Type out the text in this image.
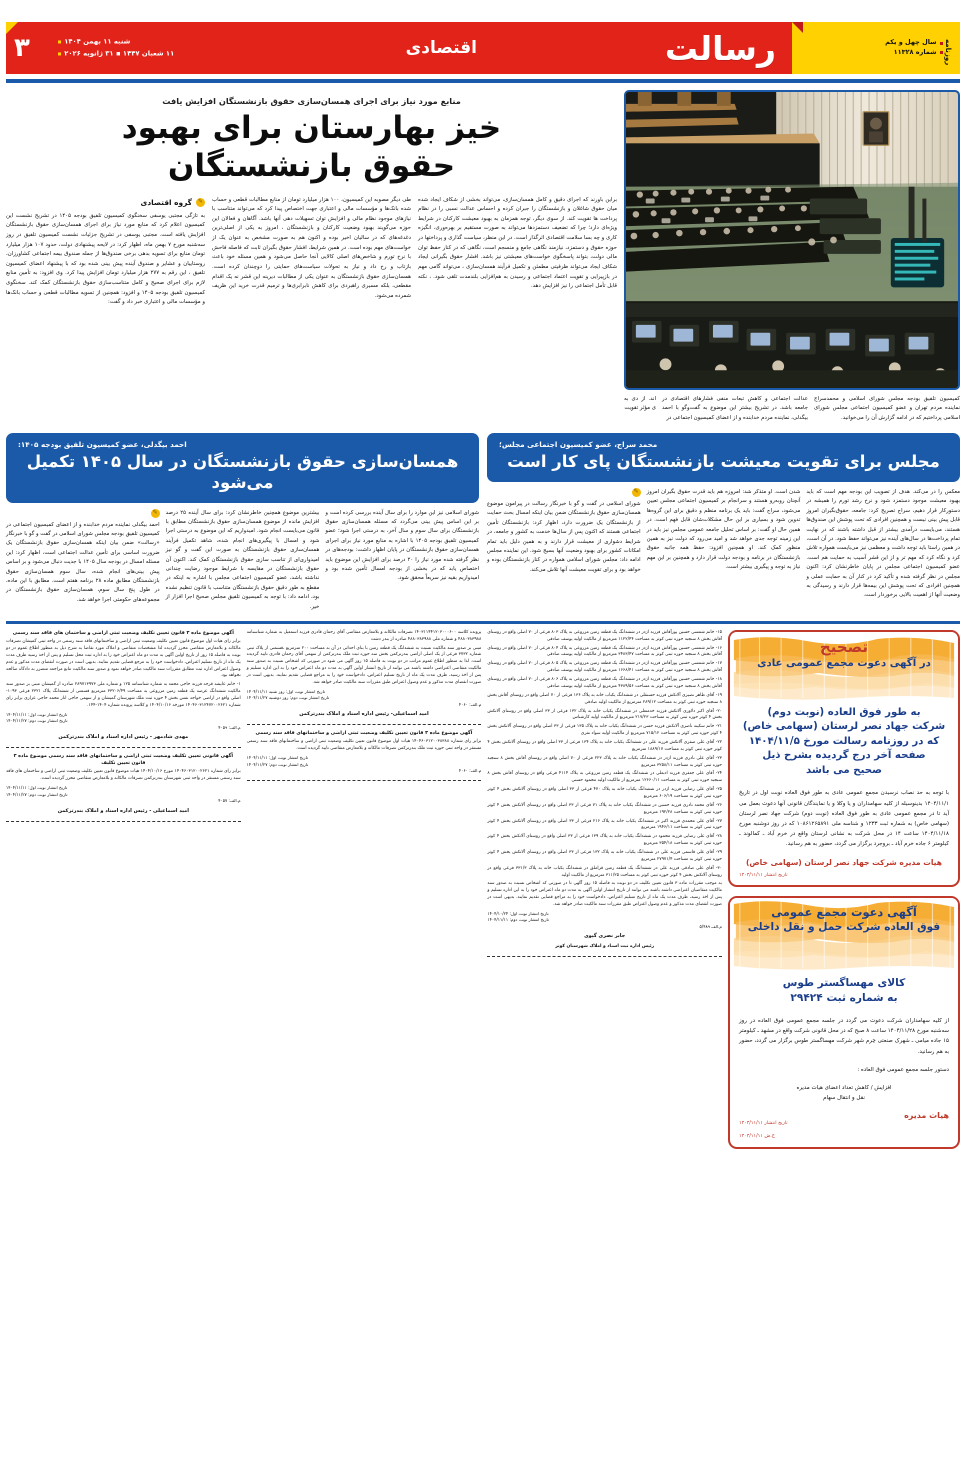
روزنامه
سال چهل و یکم
شماره ۱۱۳۲۸
رسالت
اقتصادی
شنبه ۱۱ بهمن ۱۴۰۴
۱۱ شعبان ۱۴۴۷ ▪ ۳۱ ژانویه ۲۰۲۶
۳
کمیسیون تلفیق بودجه مجلس شورای اسلامی و محمدسراج نماینده مردم تهران و عضو کمیسیون اجتماعی مجلس شورای اسلامی پرداختیم که در ادامه گزارش آن را می‌خوانید.
عدالت اجتماعی و کاهش تبعات منفی فشارهای اقتصادی در جامعه باشد. در تشریح بیشتر این موضوع به گفت‌وگو با احمد بیگدلی، نماینده مردم خدابنده و از اعضای کمیسیون اجتماعی در
اند. از دی به ی مؤثر تقویت
منابع مورد نیاز برای اجرای همسان‌سازی حقوق بازنشستگان افزایش یافت
خیز بهارستان برای بهبود
حقوق بازنشستگان
براین باورند که اجرای دقیق و کامل همسان‌سازی، می‌تواند بخشی از شکاف ایجاد شده میان حقوق شاغلان و بازنشستگان را جبران کرده و احساس عدالت نسبی را در نظام پرداخت ها تقویت کند. از سوی دیگر، توجه همزمان به بهبود معیشت کارکنان در شرایط ویژه‌ای دارد؛ چرا که تضعیف دستمزدها می‌تواند به صورت مستقیم بر بهره‌وری، انگیزه کاری و چه بسا سلامت اقتصادی اثرگذار است. در این منظر، سیاست گذاری و پرداختها در حوزه حقوق و دستمزد، نیازمند نگاهی جامع و منسجم است، نگاهی که در کنار حفظ توان مالی دولت، بتواند پاسخگوی خواست‌های معیشتی نیز باشد. افشار حقوق بگیرانی ایجاد شکاف ایجاد می‌تواند ظرفیتی مطمئن و تکمیل فرآیند همسان‌سازی ، می‌تواند گامی مهم در بازپیرایی و تقویت اعتماد اجتماعی و رسیدن به هم‌افزایی بلندمدت تلقی شود. ، نکته قابل تأمل اجتماعی را نیز افزایش دهد.
طی دیگر مصوبه این کمیسیون، ۱۰۰ هزار میلیارد تومان از منابع مطالبات قطعی و حساب شده بانک‌ها و مؤسسات مالی و اعتباری جهت اختصاص پیدا کرد که می‌تواند متناسب با نیازهای موجود نظام مالی و افزایش توان تسهیلات دهی آنها باشد. آگاهان و فعالان این حوزه می‌گویند بهبود وضعیت کارکنان و بازنشستگان ، امروز به یکی از اصلی‌ترین دغدغه‌های که در سالیان اخیر بوده و اکنون هم به صورت مشخص به عنوان یک از خواست‌های مهم بوده است. در همین شرایط، افشار حقوق بگیران ثابت که فاصله فاحش با نرخ تورم و شاخص‌های اصلی کالایی آنجا حاصل می‌شود و همین مسئله خود باعث بازتاب و رخ داد و نیاز به تحولات سیاست‌های حمایتی را دوچندان کرده است. همسان‌سازی حقوق بازنشستگان به عنوان یکی از مطالبات دیرینه این قشر نه یک اقدام مقطعی، بلکه مسیری راهبردی برای کاهش نابرابری‌ها و ترمیم قدرت خرید این ظریف شمرده می‌شود.
✎
گروه اقتصادی
به تازگی مجتبی یوسفی سخنگوی کمیسیون تلفیق بودجه ۱۴۰۵ در تشریح نشست این کمیسیون اعلام کرد که منابع مورد نیاز برای اجرای همسان‌سازی حقوق بازنشستگان افزایش یافته است. مجتبی یوسفی در تشریح جزئیات نشست کمیسیون تلفیق در روز سه‌شنبه مورخ ۷ بهمن ماه، اظهار کرد: در لایحه پیشنهادی دولت، حدود ۱۰۷ هزار میلیارد تومان منابع برای تسویه بدهی برخی صندوق‌ها از جمله صندوق بیمه اجتماعی کشاورزان، روستاییان و عشایر و صندوق آینده پیش بینی شده بود که با پیشنهاد اعضای کمیسیون تلفیق ، این رقم به ۲۷۷ هزار میلیارد تومان افزایش پیدا کرد. وی افزود: به تأمین منابع لازم برای اجرای صحیح و کامل متناسب‌سازی حقوق بازنشستگان کمک کند. سخنگوی کمیسیون تلفیق بودجه ۱۴۰۵ و افزود: همچنین از تسویه مطالبات قطعی و حساب بانک‌ها و مؤسسات مالی و اعتباری خبر داد و گفت:
محمد سراج، عضو کمیسیون اجتماعی مجلس؛
مجلس برای تقویت معیشت بازنشستگان پای کار است
معکس را در می‌کند. هدف از تصویب این بودجه مهم است که باید بهبود معیشت موجود دستمزد شود و نرخ رشد تورم را همیشه در دستورکار قرار دهیم، سراج تصریح کرد: جامعه، حقوق‌بگیران امروز قابل پیش بینی نیست و همچنین افرادی که تحت پوشش این صندوق‌ها هستند، می‌بایست درآمدی بیشتر از قبل داشته باشند که در نهایت تمام پرداخت‌ها در سال‌های آینده نیز می‌تواند حفظ شود. در آن است، در همین راستا باید توجه داشت و معظمی نیز می‌بایست همواره تلاش کرد و نگاه کرد که مهم تر و از این قشر آسیب به حمایت هم است. عضو کمیسیون اجتماعی مجلس در پایان خاطرنشان کرد: اکنون مجلس در نظر گرفته شده و تأکید کرد در کنار آن به حمایت عملی و همچنین افرادی که تحت پوشش این بیمه‌ها قرار دارند و رسیدگی به وضعیت آنها از اهمیت بالایی برخوردار است.
شدن است. او متذکر شد: امروزه هم باید قدرت حقوق بگیران امروز آنچنان روبه‌رو هستند و سرانجام بر کمیسیون اجتماعی مجلس تعیین می‌شود، سراج گفت: باید یک برنامه منظم و دقیق برای این گروه‌ها تدوین شود و بسیاری بر این حال مشکلات‌شان قابل فهم است. در همین حال او گفت: بر اساس تحلیل جامعه عمومی مجلس نیز باید در این زمینه توجه جدی خواهد شد و امید می‌رود که دولت نیز به همین منظور کمک کند. او همچنین افزود: حفظ همه جانبه حقوق بازنشستگان در برنامه و بودجه دولت قرار دارد و همچنین بر این مهم نیاز به توجه و پیگیری بیشتر است.
✎
شورای اسلامی در گفت و گو با خبرنگار رسالت در پیرامون موضوع همسان‌سازی حقوق بازنشستگان ضمن بیان اینکه امسال بحث حمایت از بازنشستگان یک ضرورت دارد، اظهار کرد: بازنشستگان تأمین اجتماعی هستند که اکنون پس از سال‌ها خدمت به کشور و جامعه، در شرایط دشواری از معیشت قرار دارند و به همین دلیل باید تمام امکانات کشور برای بهبود وضعیت آنها بسیج شود. این نماینده مجلس ادامه داد: مجلس شورای اسلامی همواره در کنار بازنشستگان بوده و خواهد بود و برای تقویت معیشت آنها تلاش می‌کند.
احمد بیگدلی، عضو کمیسیون تلفیق بودجه ۱۴۰۵:
همسان‌سازی حقوق بازنشستگان در سال ۱۴۰۵ تکمیل می‌شود
شورای اسلامی نیز این موارد را برای سال آینده بررسی کرده است و بر این اساس پیش بینی می‌گردد که مسئله همسان‌سازی حقوق بازنشستگان برای سال سوم و سال آخر، به درستی اجرا شود؛ عضو کمیسیون تلفیق بودجه ۱۴۰۵ با اشاره به منابع مورد نیاز برای اجرای همسان‌سازی حقوق بازنشستگان در پایان اظهار داشت: بودجه‌های در نظر گرفته شده مورد نیاز را ۲۰ درصد برای افزایش این موضوع باید اختصاص یابد که در بخشی از بودجه امسال تأمین شده بود و امیدواریم بقیه نیز سریعاً محقق شود.
بیشترین موضوع همچنین خاطرنشان کرد: برای سال آینده ۲۵ درصد افزایش مانده از موضوع همسان‌سازی حقوق بازنشستگان مطابق با قانون می‌بایست انجام شود. امیدواریم که این موضوع به درستی اجرا شود و امسال با پیگیری‌های انجام شده، شاهد تکمیل فرآیند همسان‌سازی حقوق بازنشستگان به صورت این گفت و گو نیز امیدواری‌ای از تناسب سازی حقوق بازنشستگان کمک کند. اکنون آن حقوق بازنشستگان در مقایسه با شرایط موجود رضایت چندانی نداشته باشد، عضو کمیسیون اجتماعی مجلس با اشاره به اینکه در مقطع به طور دقیق حقوق بازنشستگان متناسب با قانون تنظیم نشده بود، ادامه داد: با توجه به کمیسیون تلفیق مجلس صحیح اجرا افزار از خیر.
✎
احمد بیگدلی نماینده مردم خدابنده و از اعضای کمیسیون اجتماعی در کمیسیون تلفیق بودجه مجلس شورای اسلامی در گفت و گو با خبرنگار «رسالت» ضمن بیان اینکه همسان‌سازی حقوق بازنشستگان یک ضرورت اساسی برای تأمین عدالت اجتماعی است، اظهار کرد: این مسئله امسال در بودجه سال ۱۴۰۵ با جدیت دنبال می‌شود و بر اساس پیش بینی‌های انجام شده، سال سوم همسان‌سازی حقوق بازنشستگان مطابق ماده ۲۸ برنامه هفتم است. مطابق با این ماده، در طول پنج سال سوم، همسان‌سازی حقوق بازنشستگان در مجموعه‌های حکومتی اجرا خواهد شد.
تصحیح
در آگهی دعوت مجمع عمومی عادی
به طور فوق العاده (نوبت دوم)
شرکت جهاد نصر لرستان (سهامی خاص)
که در روزنامه رسالت مورخ ۱۴۰۴/۱۱/۵
صفحه آخر درج گردیده بشرح ذیل
صحیح می باشد
با توجه به حد نصاب نرسیدن مجمع عمومی عادی به طور فوق العاده نوبت اول در تاریخ ۱۴۰۴/۱۱/۱ بدینوسیله از کلیه سهامداران و یا وکلا و یا نمایندگان قانونی آنها دعوت بعمل می آید تا در مجمع عمومی عادی به طور فوق العاده (نوبت دوم) شرکت جهاد نصر لرستان (سهامی خاص) به شماره ثبت ۱۲۳۳ و شناسه ملی ۱۰۸۶۱۲۶۵۸۹۱ که در روز دوشنبه مورخ ۱۴۰۴/۱۱/۱۸ ساعت ۱۴ در محل شرکت به نشانی لرستان واقع در خرم آباد ـ کمالوند ـ کیلومتر ۶ جاده خرم آباد ـ بروجرد برگزار می گردد، حضور به هم رسانید.
هیات مدیره شرکت جهاد نصر لرستان (سهامی خاص)
تاریخ انتشار ۱۴۰۴/۱۱/۱۱
آگهی دعوت مجمع عمومی
فوق العاده شرکت حمل و نقل داخلی
کالای مهساگستر طوس
به شماره ثبت ۲۹۴۲۴
از کلیه سهامداران شرکت دعوت می گردد در جلسه مجمع عمومی فوق العاده در روز سه‌شنبه مورخ ۱۴۰۴/۱۱/۲۸ ساعت ۸ صبح که در محل قانونی شرکت واقع در مشهد ـ کیلومتر ۱۵ جاده میامی ـ شهرک صنعتی چرم شهر شرکت مهساگستر طوس برگزار می گردد، حضور به هم رسانید.
دستور جلسه مجمع عمومی فوق العاده :
افزایش / کاهش تعداد اعضای هیات مدیره
نقل و انتقال سهام
هیات مدیره
تاریخ انتشار ۱۴۰۴/۱۱/۱۱
خ.ش ۱۴۰۴/۱۱/۱۱

۱۵- خانم شمسی حسین پورآقاش فرزند اژدر در ششدانگ یک قطعه زمین مزروعی به پلاک ۸۰۳ فرعی از ۷۰ اصلی واقع در روستای آقاش بخش ۸ سنجبد حوزه ثبتی کوثر به مساحت ۱۱۲۲/۴۴ مترمربع از مالکیت اولیه یوسف صادقی

۱۶- خانم شمسی حسین پورآقاش فرزند اژدر در ششدانگ یک قطعه زمین مزروعی به پلاک ۸۰۴ فرعی از ۷۰ اصلی واقع در روستای آقاش بخش ۸ سنجبد حوزه ثبتی کوثر به مساحت ۳۴۸۳/۴۷ مترمربع از مالکیت اولیه یوسف صادقی

۱۷- خانم شمسی حسین پورآقاش فرزند اژدر در ششدانگ یک قطعه زمین مزروعی به پلاک ۸۰۵ فرعی از ۷۰ اصلی واقع در روستای آقاش بخش ۸ سنجبد حوزه ثبتی کوثر به مساحت ۱۶۶۸/۴۱ مترمربع از مالکیت اولیه یوسف صادقی

۱۸- خانم شمسی حسین پورآقاش فرزند اژدر در ششدانگ یک قطعه زمین مزروعی به پلاک ۸۰۶ فرعی از ۷۰ اصلی واقع در روستای آقاش بخش ۸ سنجبد حوزه ثبتی کوثر به مساحت ۴۳۸۹/۵۶ مترمربع از مالکیت اولیه یوسف صادقی

۱۹- آقای طاهر نصیری آلاتکش فرزند حسنقلی در ششدانگ یکباب خانه به پلاک ۱۳۶ فرعی از ۷۰ اصلی واقع در روستای آقاش بخش ۸ سنجبد حوزه ثبتی کوثر به مساحت ۲۸۹/۱۲ مترمربع از مالکیت اولیه صادقی

۲۰- آقای اکبر دلاوری آلاتکش فرزند خدمتعلی در ششدانگ یکباب خانه به پلاک ۱۳۲ فرعی از ۳۳ اصلی واقع در روستای آلاتکش بخش ۴ کوثر حوزه ثبتی کوثر به مساحت ۲۱۷/۲۳ مترمربع از مالکیت اولیه کارشناس

۲۱- خانم سکینه ناصری آلاتکش فرزند حسن در ششدانگ یکباب خانه به پلاک ۱۳۵ فرعی از ۳۳ اصلی واقع در روستای آلاتکش بخش ۴ کوثر حوزه ثبتی کوثر به مساحت ۷۱۵/۱۲ مترمربع از مالکیت اولیه سواد نفری

۲۲- آقای علی صفری آلاتکش فرزند علی در ششدانگ یکباب خانه به پلاک ۱۳۴ فرعی از ۳۳ اصلی واقع در روستای آلاتکش بخش ۴ کوثر حوزه ثبتی کوثر به مساحت ۱۸۸۹/۱۷ مترمربع

۲۳- آقای علی نادری فرزند اژدر در ششدانگ یکباب خانه به پلاک ۲۲۳ فرعی از ۷۰ اصلی واقع در روستای آقاش بخش ۸ سنجبد حوزه ثبتی کوثر به مساحت ۳۲۵۸/۱۱ مترمربع

۲۴- آقای علی جعفری فرزند ادبعلی در ششدانگ یک قطعه زمین مزروعی به پلاک ۴۱۱۴ فرعی واقع در روستای آقاش بخش ۸ سنجبد حوزه ثبتی کوثر به مساحت ۱۲۶۶۰/۱۱ مترمربع از مالکیت اولیه محمود حسنی

۲۵- آقای علی رضایی فرزند اژدر در ششدانگ یکباب خانه به پلاک ۴۷۰ فرعی از ۳۳ اصلی واقع در روستای آلاتکش بخش ۴ کوثر حوزه ثبتی کوثر به مساحت ۶۰۶/۱۹ مترمربع

۲۶- آقای محمد نادری فرزند حسین در ششدانگ یکباب خانه به پلاک ۷۱ فرعی از ۳۳ اصلی واقع در روستای آلاتکش بخش ۴ کوثر حوزه ثبتی کوثر به مساحت ۱۹۲/۲۸ مترمربع

۲۷- آقای علی محمدی فرزند اکبر در ششدانگ یکباب خانه به پلاک ۲۱۶ فرعی از ۳۳ اصلی واقع در روستای آلاتکش بخش ۴ کوثر حوزه ثبتی کوثر به مساحت ۱۹۴۶/۱۱ مترمربع

۲۸- آقای علی رضایی فرزند محمود در ششدانگ یکباب خانه به پلاک ۱۳۹ فرعی از ۳۳ اصلی واقع در روستای آلاتکش بخش ۴ کوثر حوزه ثبتی کوثر به مساحت ۳۵۴/۱۸ مترمربع

۲۹- آقای علی قاسمی فرزند علی در ششدانگ یکباب خانه به پلاک ۱۳۲ فرعی از ۳۳ اصلی واقع در روستای آلاتکش بخش ۴ کوثر حوزه ثبتی کوثر به مساحت ۲۷۹۷۱/۴ مترمربع

۳۰- آقای علی صادقی فرزند علی در ششدانگ یک قطعه زمین قراملق در ششدانگ یکباب خانه به پلاک ۳۳۱/۳ فرعی واقع در روستای آلاتکش بخش ۴ کوثر حوزه ثبتی کوثر به مساحت ۳۱۱/۲۵ مترمربع از مالکیت اولیه

به موجب مقررات ماده ۳ قانون تعیین تکلیف در دو نوبت به فاصله ۱۵ روز آگهی تا در صورتی که اشخاص نسبت به صدور سند مالکیت متقاضیان اعتراضی داشته باشند می توانند از تاریخ انتشار اولین آگهی به مدت دو ماه اعتراض خود را به این اداره تسلیم و پس از اخذ رسید، ظرف مدت یک ماه از تاریخ تسلیم اعتراض، دادخواست خود را به مراجع قضایی تقدیم نمایند. بدیهی است در صورت انقضای مدت مذکور و عدم وصول اعتراض طبق مقررات سند مالکیت صادر خواهد شد.

تاریخ انتشار نوبت اول: ۱۴۰۴/۱۰/۲۴
تاریخ انتشار نوبت دوم: ۱۴۰۴/۱۱/۱۱
م.الف ۵/۴۸۹
جابر نصری گپوی
رئیس اداره ثبت اسناد و املاک شهرستان کوثر

پرونده کلاسه ۱۴۰۳۱۱۴۴۱۲۰۳۰۰۰۶۰۰ تصرفات مالکانه و بلامعارض متقاضی آقای رحمان قادری فرزند اسمعیل به شماره شناسنامه ۴۸۸۰۳۸۳۹۸۸ و شماره ملی ۴۸۸۰۳۸۳۹۸۸ صادره از بندر دشت

مبنی بر صدور سند مالکیت نسبت به ششدانگ یک قطعه زمین با بنای احداثی در آن به مساحت ۲۰۰ مترمربع ،قسمتی از پلاک ثبتی شماره ۳۷۳۲ فرعی از یک اصلی اراضی بندرترکمن بخش سه حوزه ثبت ملک بندرترکمن از سهمی آقای رحمان قادری تایید گردیده است. لذا به منظور اطلاع عموم مراتب در دو نوبت به فاصله ۱۵ روز آگهی می شود در صورتی که اشخاص نسبت به صدور سند مالکیت متقاضی اعتراضی داشته باشند می توانند از تاریخ انتشار اولین آگهی به مدت دو ماه اعتراض خود را به این اداره تسلیم و پس از اخذ رسید، ظرف مدت یک ماه از تاریخ تسلیم اعتراض، دادخواست خود را به مراجع قضایی تقدیم نمایند. بدیهی است در صورت انقضای مدت مذکور و عدم وصول اعتراض طبق مقررات سند مالکیت صادر خواهد شد.

تاریخ انتشار نوبت اول: روز شنبه ۱۴۰۴/۱۱/۱۱
تاریخ انتشار نوبت دوم: روز دوشنبه ۱۴۰۴/۱۱/۲۷
م.الف: ۴۰۶۰
امید اسماعیلی- رئیس اداره اسناد و املاک بندرترکمن
آگهی موضوع ماده ۳ قانون تعیین تکلیف وضعیت ثبتی اراضی و ساختمانهای فاقد سند رسمی

برابر رای شماره ۱۴۰۴۶۰۳۱۲۰۰۳۸۳۸۸ هیات اول موضوع قانون تعیین تکلیف وضعیت ثبتی اراضی و ساختمانهای فاقد سند رسمی مستقر در واحد ثبتی حوزه ثبت ملک بندرترکمن تصرفات مالکانه و بلامعارض متقاضی تایید گردیده است.

تاریخ انتشار نوبت اول: ۱۴۰۴/۱۱/۱۱
تاریخ انتشار نوبت دوم: ۱۴۰۴/۱۱/۲۷
م.الف: ۴۰۶۰
آگهی موضوع ماده ۳ قانون تعیین تکلیف وضعیت ثبتی اراضی و ساختمان های فاقد سند رسمی

برابر رای هیات اول موضوع قانون تعیین تکلیف وضعیت ثبتی اراضی و ساختمانهای فاقد سند رسمی در واحد ثبتی گمیشان تصرفات مالکانه و بلامعارض متقاضی محرز گردیده لذا مشخصات متقاضی و املاک مورد تقاضا به شرح ذیل به منظور اطلاع عموم در دو نوبت به فاصله ۱۵ روز از تاریخ اولین آگهی به مدت دو ماه اعتراض خود را به اداره ثبت محل تسلیم و پس از اخذ رسید ظرف مدت یک ماه از تاریخ تسلیم اعتراض، دادخواست خود را به مرجع قضایی تقدیم نمایند. بدیهی است در صورت انقضای مدت مذکور و عدم وصول اعتراض اداره ثبت مطابق مقررات سند مالکیت صادر خواهد نمود و صدور سند مالکیت مانع مراجعه متضرر به دادگاه صالحه نخواهد بود.

۱- خانم عایشه قرجه فرزند حاجی محمد به شماره شناسنامه ۱۲۵ و شماره ملی ۲۸۹۷۱۳۹۷۳ صادره از گمیشان مبنی بر صدور سند مالکیت ششدانگ عرصه یک قطعه زمین مزروعی به مساحت ۳۳۲۰۶/۴۹ مترمربع قسمتی از ششدانگ پلاک ۲۳۲۱ فرعی ۱۰۹۳- اصلی واقع در اراضی خواجه نفس بخش ۴ حوزه ثبت ملک شهرستان گمیشان و از سهمی حاجی انار محمد حاجی عزازی برابر رای شماره ۱۴۰۴۶۰۳۱۲۴۷۲۰۰۲۶۲۱ مورخه ۱۴۰۴/۱۰/۱۶ و کلاسه پرونده شماره ۱۴۰۴-۱۴۴.

تاریخ انتشار نوبت اول: ۱۴۰۴/۱۱/۱۱
تاریخ انتشار نوبت دوم: ۱۴۰۴/۱۱/۲۷
م.الف: ۴۰۵۹
مهدی شادمهر - رئیس اداره اسناد و املاک بندرترکمن
آگهی قانونی تعیین تکلیف وضعیت ثبتی اراضی و ساختمانهای فاقد سند رسمی موضوع ماده ۳ قانون تعیین تکلیف

برابر رای شماره ۱۴۰۴۶۰۳۱۲۰۰۲۶۲۱ مورخ ۱۴۰۴/۱۰/۱۶ هیات موضوع قانون تعیین تکلیف وضعیت ثبتی اراضی و ساختمان های فاقد سند رسمی مستقر در واحد ثبتی شهرستان بندرترکمن تصرفات مالکانه و بلامعارض متقاضی محرز گردیده است.

تاریخ انتشار نوبت اول: ۱۴۰۴/۱۱/۱۱
تاریخ انتشار نوبت دوم: ۱۴۰۴/۱۱/۲۷
م.الف: ۴۰۵۷
امید اسماعیلی - رئیس اداره اسناد و املاک بندرترکمن
